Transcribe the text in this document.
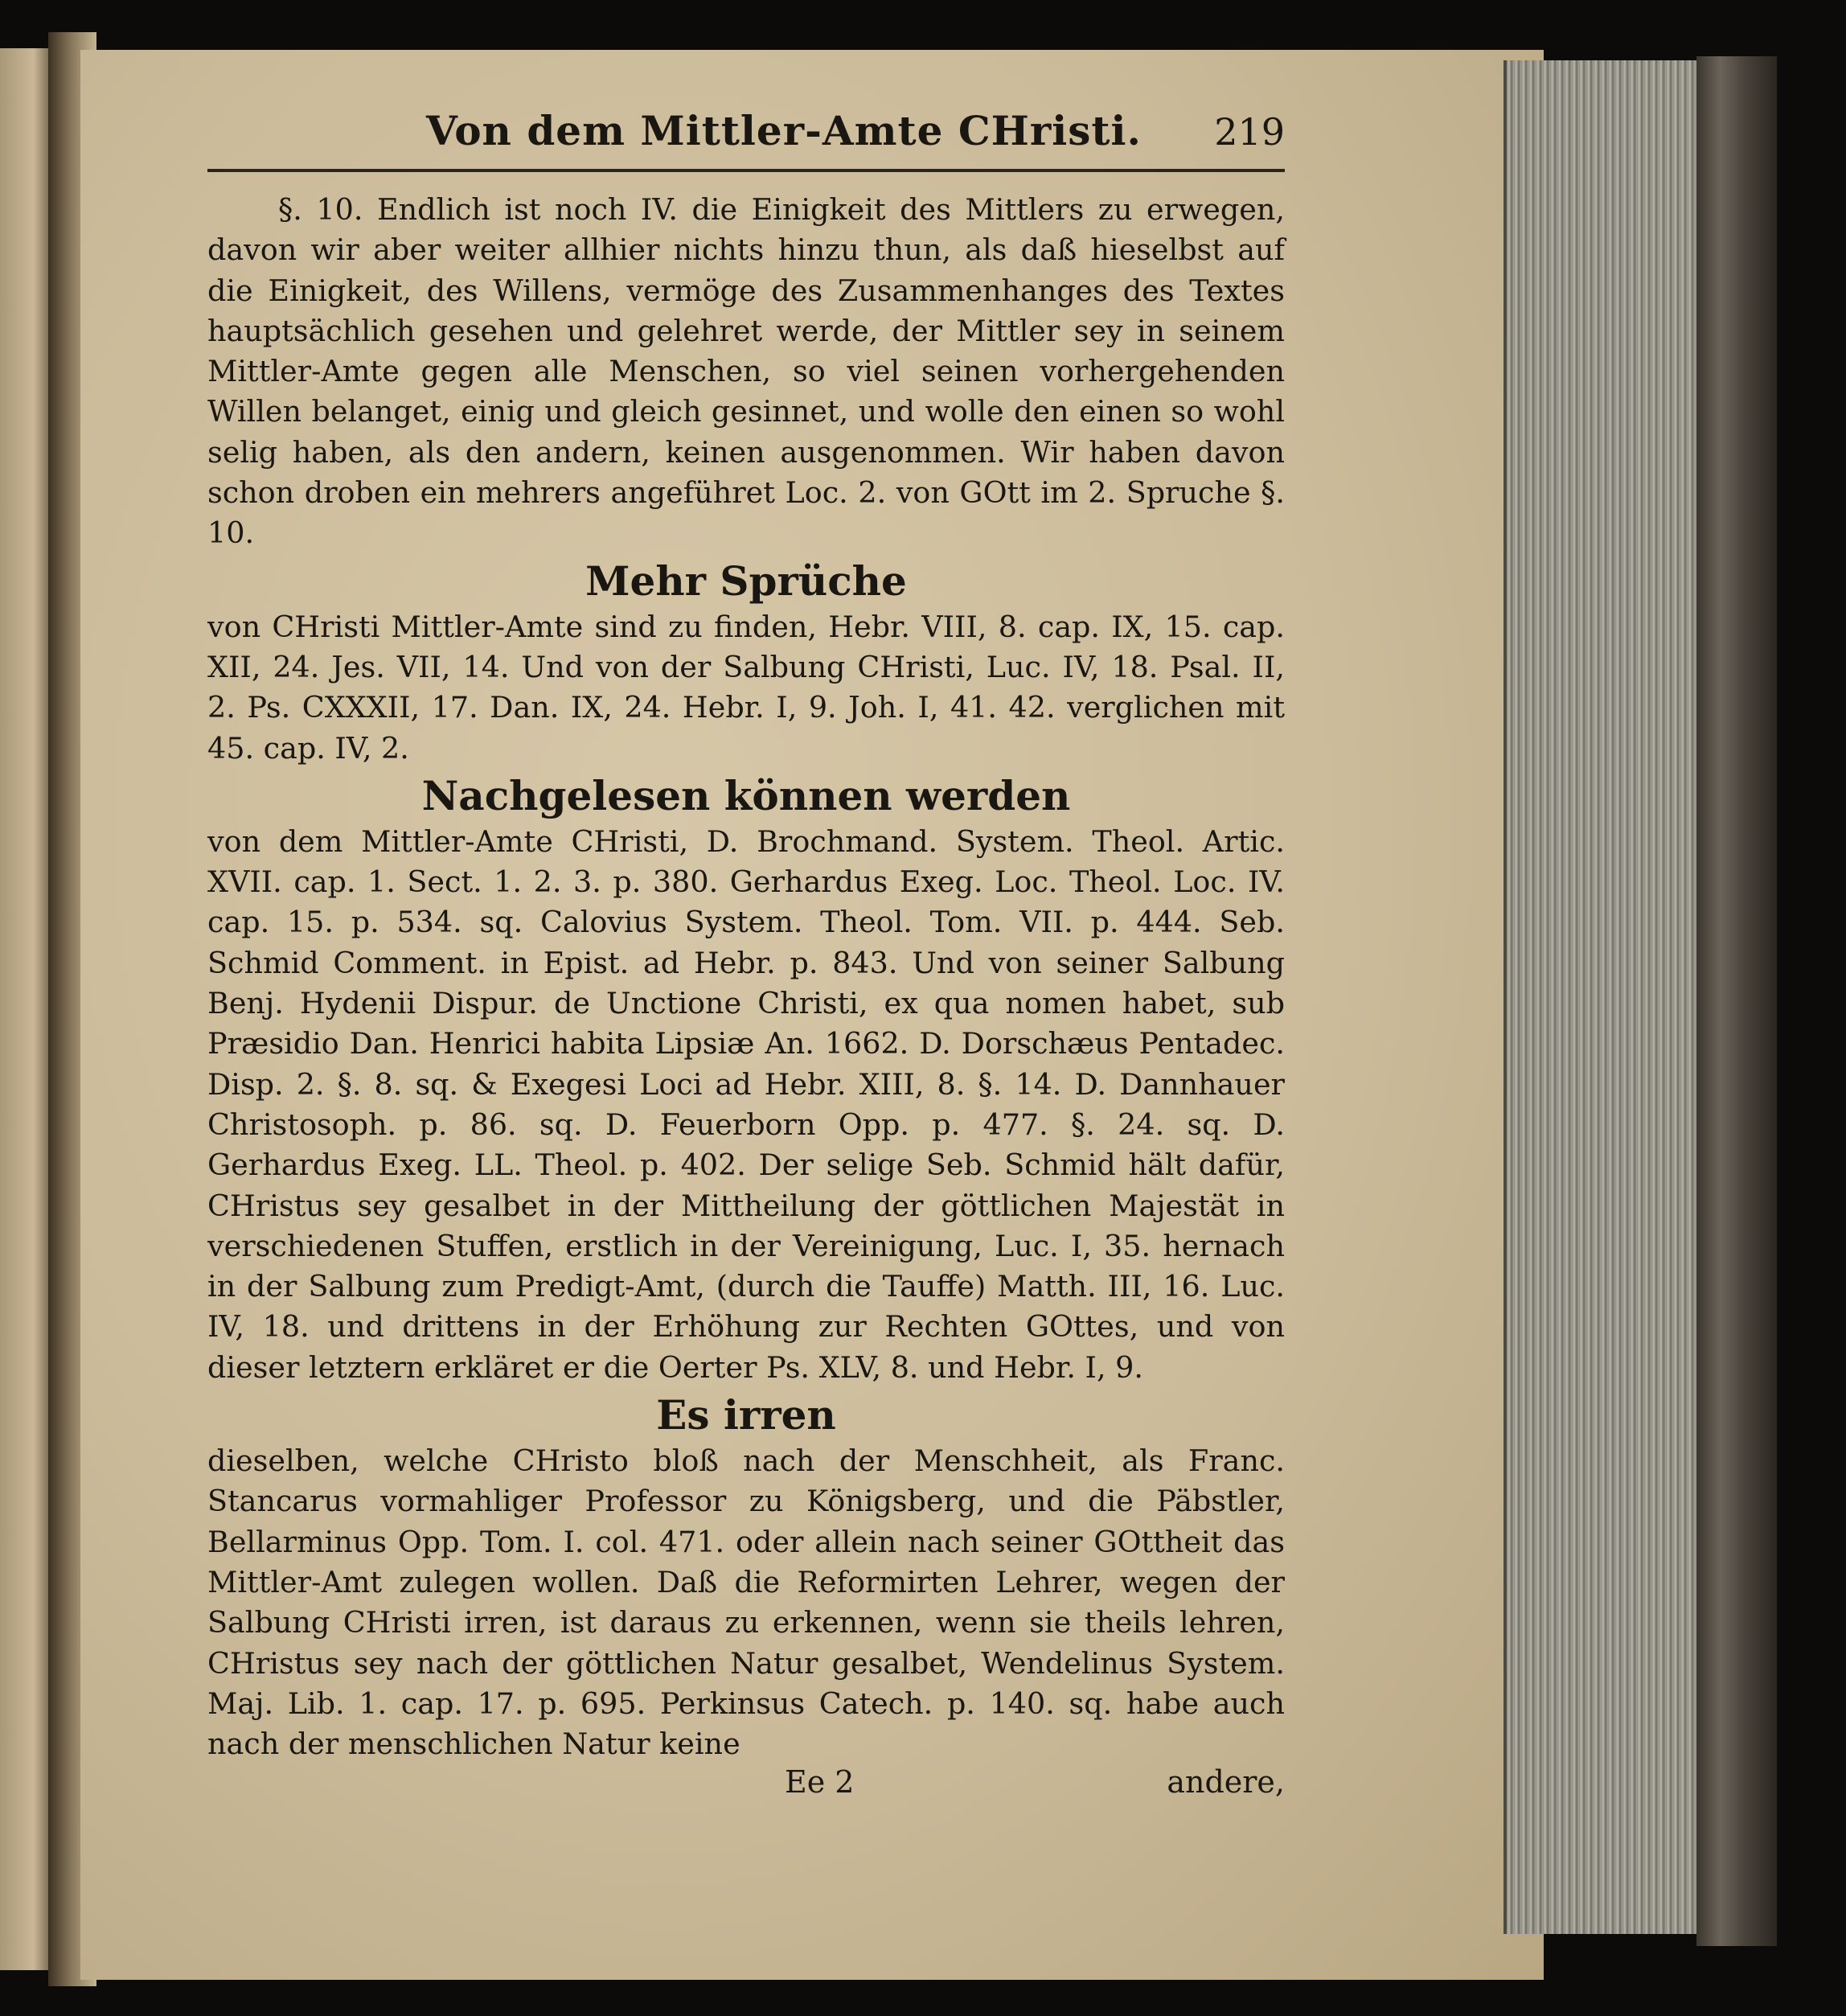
Von dem Mittler-Amte CHristi. 219

§. 10. Endlich ist noch IV. die Einigkeit des Mittlers zu erwegen, davon wir aber weiter allhier nichts hinzu thun, als daß hieselbst auf die Einigkeit, des Willens, vermöge des Zusammenhanges des Textes hauptsächlich gesehen und gelehret werde, der Mittler sey in seinem Mittler-Amte gegen alle Menschen, so viel seinen vorhergehenden Willen belanget, einig und gleich gesinnet, und wolle den einen so wohl selig haben, als den andern, keinen ausgenommen. Wir haben davon schon droben ein mehrers angeführet Loc. 2. von GOtt im 2. Spruche §. 10.

Mehr Sprüche

von CHristi Mittler-Amte sind zu finden, Hebr. VIII, 8. cap. IX, 15. cap. XII, 24. Jes. VII, 14. Und von der Salbung CHristi, Luc. IV, 18. Psal. II, 2. Ps. CXXXII, 17. Dan. IX, 24. Hebr. I, 9. Joh. I, 41. 42. verglichen mit 45. cap. IV, 2.

Nachgelesen können werden

von dem Mittler-Amte CHristi, D. Brochmand. System. Theol. Artic. XVII. cap. 1. Sect. 1. 2. 3. p. 380. Gerhardus Exeg. Loc. Theol. Loc. IV. cap. 15. p. 534. sq. Calovius System. Theol. Tom. VII. p. 444. Seb. Schmid Comment. in Epist. ad Hebr. p. 843. Und von seiner Salbung Benj. Hydenii Dispur. de Unctione Christi, ex qua nomen habet, sub Præsidio Dan. Henrici habita Lipsiæ An. 1662. D. Dorschæus Pentadec. Disp. 2. §. 8. sq. & Exegesi Loci ad Hebr. XIII, 8. §. 14. D. Dannhauer Christosoph. p. 86. sq. D. Feuerborn Opp. p. 477. §. 24. sq. D. Gerhardus Exeg. LL. Theol. p. 402. Der selige Seb. Schmid hält dafür, CHristus sey gesalbet in der Mittheilung der göttlichen Majestät in verschiedenen Stuffen, erstlich in der Vereinigung, Luc. I, 35. hernach in der Salbung zum Predigt-Amt, (durch die Tauffe) Matth. III, 16. Luc. IV, 18. und drittens in der Erhöhung zur Rechten GOttes, und von dieser letztern erkläret er die Oerter Ps. XLV, 8. und Hebr. I, 9.

Es irren

dieselben, welche CHristo bloß nach der Menschheit, als Franc. Stancarus vormahliger Professor zu Königsberg, und die Päbstler, Bellarminus Opp. Tom. I. col. 471. oder allein nach seiner GOttheit das Mittler-Amt zulegen wollen. Daß die Reformirten Lehrer, wegen der Salbung CHristi irren, ist daraus zu erkennen, wenn sie theils lehren, CHristus sey nach der göttlichen Natur gesalbet, Wendelinus System. Maj. Lib. 1. cap. 17. p. 695. Perkinsus Catech. p. 140. sq. habe auch nach der menschlichen Natur keine

Ee 2	andere,
